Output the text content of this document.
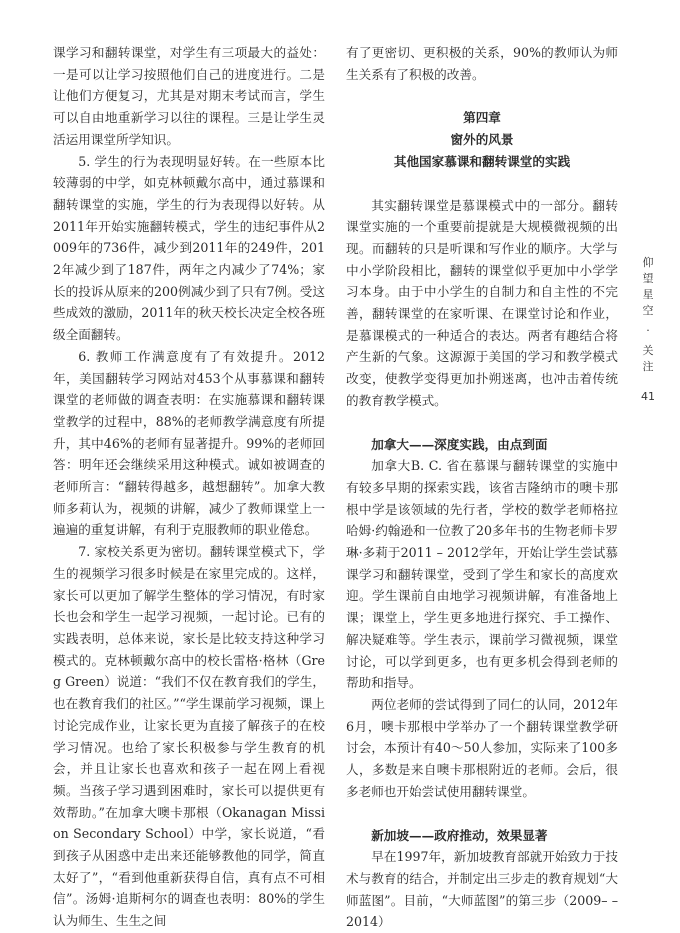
课学习和翻转课堂，对学生有三项最大的益处：一是可以让学习按照他们自己的进度进行。二是让他们方便复习，尤其是对期末考试而言，学生可以自由地重新学习以往的课程。三是让学生灵活运用课堂所学知识。

5. 学生的行为表现明显好转。在一些原本比较薄弱的中学，如克林顿戴尔高中，通过慕课和翻转课堂的实施，学生的行为表现得以好转。从2011年开始实施翻转模式，学生的违纪事件从2009年的736件，减少到2011年的249件，2012年减少到了187件，两年之内减少了74%；家长的投诉从原来的200例减少到了只有7例。受这些成效的激励，2011年的秋天校长决定全校各班级全面翻转。

6. 教师工作满意度有了有效提升。2012年，美国翻转学习网站对453个从事慕课和翻转课堂的老师做的调查表明：在实施慕课和翻转课堂教学的过程中，88%的老师教学满意度有所提升，其中46%的老师有显著提升。99%的老师回答：明年还会继续采用这种模式。诚如被调查的老师所言：“翻转得越多，越想翻转”。加拿大教师多莉认为，视频的讲解，减少了教师课堂上一遍遍的重复讲解，有利于克服教师的职业倦怠。

7. 家校关系更为密切。翻转课堂模式下，学生的视频学习很多时候是在家里完成的。这样，家长可以更加了解学生整体的学习情况，有时家长也会和学生一起学习视频，一起讨论。已有的实践表明，总体来说，家长是比较支持这种学习模式的。克林顿戴尔高中的校长雷格·格林（Greg Green）说道：“我们不仅在教育我们的学生，也在教育我们的社区。”“学生课前学习视频，课上讨论完成作业，让家长更为直接了解孩子的在校学习情况。也给了家长积极参与学生教育的机会，并且让家长也喜欢和孩子一起在网上看视频。当孩子学习遇到困难时，家长可以提供更有效帮助。”在加拿大噢卡那根（Okanagan Mission Secondary School）中学，家长说道，“看到孩子从困惑中走出来还能够教他的同学，简直太好了”，“看到他重新获得自信，真有点不可相信”。汤姆·追斯柯尔的调查也表明：80%的学生认为师生、生生之间

有了更密切、更积极的关系，90%的教师认为师生关系有了积极的改善。

第四章
窗外的风景
其他国家慕课和翻转课堂的实践

其实翻转课堂是慕课模式中的一部分。翻转课堂实施的一个重要前提就是大规模微视频的出现。而翻转的只是听课和写作业的顺序。大学与中小学阶段相比，翻转的课堂似乎更加中小学学习本身。由于中小学生的自制力和自主性的不完善，翻转课堂的在家听课、在课堂讨论和作业，是慕课模式的一种适合的表达。两者有趣结合将产生新的气象。这源源于美国的学习和教学模式改变，使教学变得更加扑朔迷离，也冲击着传统的教育教学模式。

加拿大——深度实践，由点到面

加拿大B. C. 省在慕课与翻转课堂的实施中有较多早期的探索实践，该省吉隆纳市的噢卡那根中学是该领域的先行者，学校的数学老师格拉哈姆·约翰逊和一位教了20多年书的生物老师卡罗琳·多莉于2011 – 2012学年，开始让学生尝试慕课学习和翻转课堂，受到了学生和家长的高度欢迎。学生课前自由地学习视频讲解，有准备地上课；课堂上，学生更多地进行探究、手工操作、解决疑难等。学生表示，课前学习微视频，课堂讨论，可以学到更多，也有更多机会得到老师的帮助和指导。

两位老师的尝试得到了同仁的认同，2012年6月，噢卡那根中学举办了一个翻转课堂教学研讨会，本预计有40～50人参加，实际来了100多人，多数是来自噢卡那根附近的老师。会后，很多老师也开始尝试使用翻转课堂。

新加坡——政府推动，效果显著

早在1997年，新加坡教育部就开始致力于技术与教育的结合，并制定出三步走的教育规划“大师蓝图”。目前，“大师蓝图”的第三步（2009– –2014）

仰
望
星
空
·
关
注
41
